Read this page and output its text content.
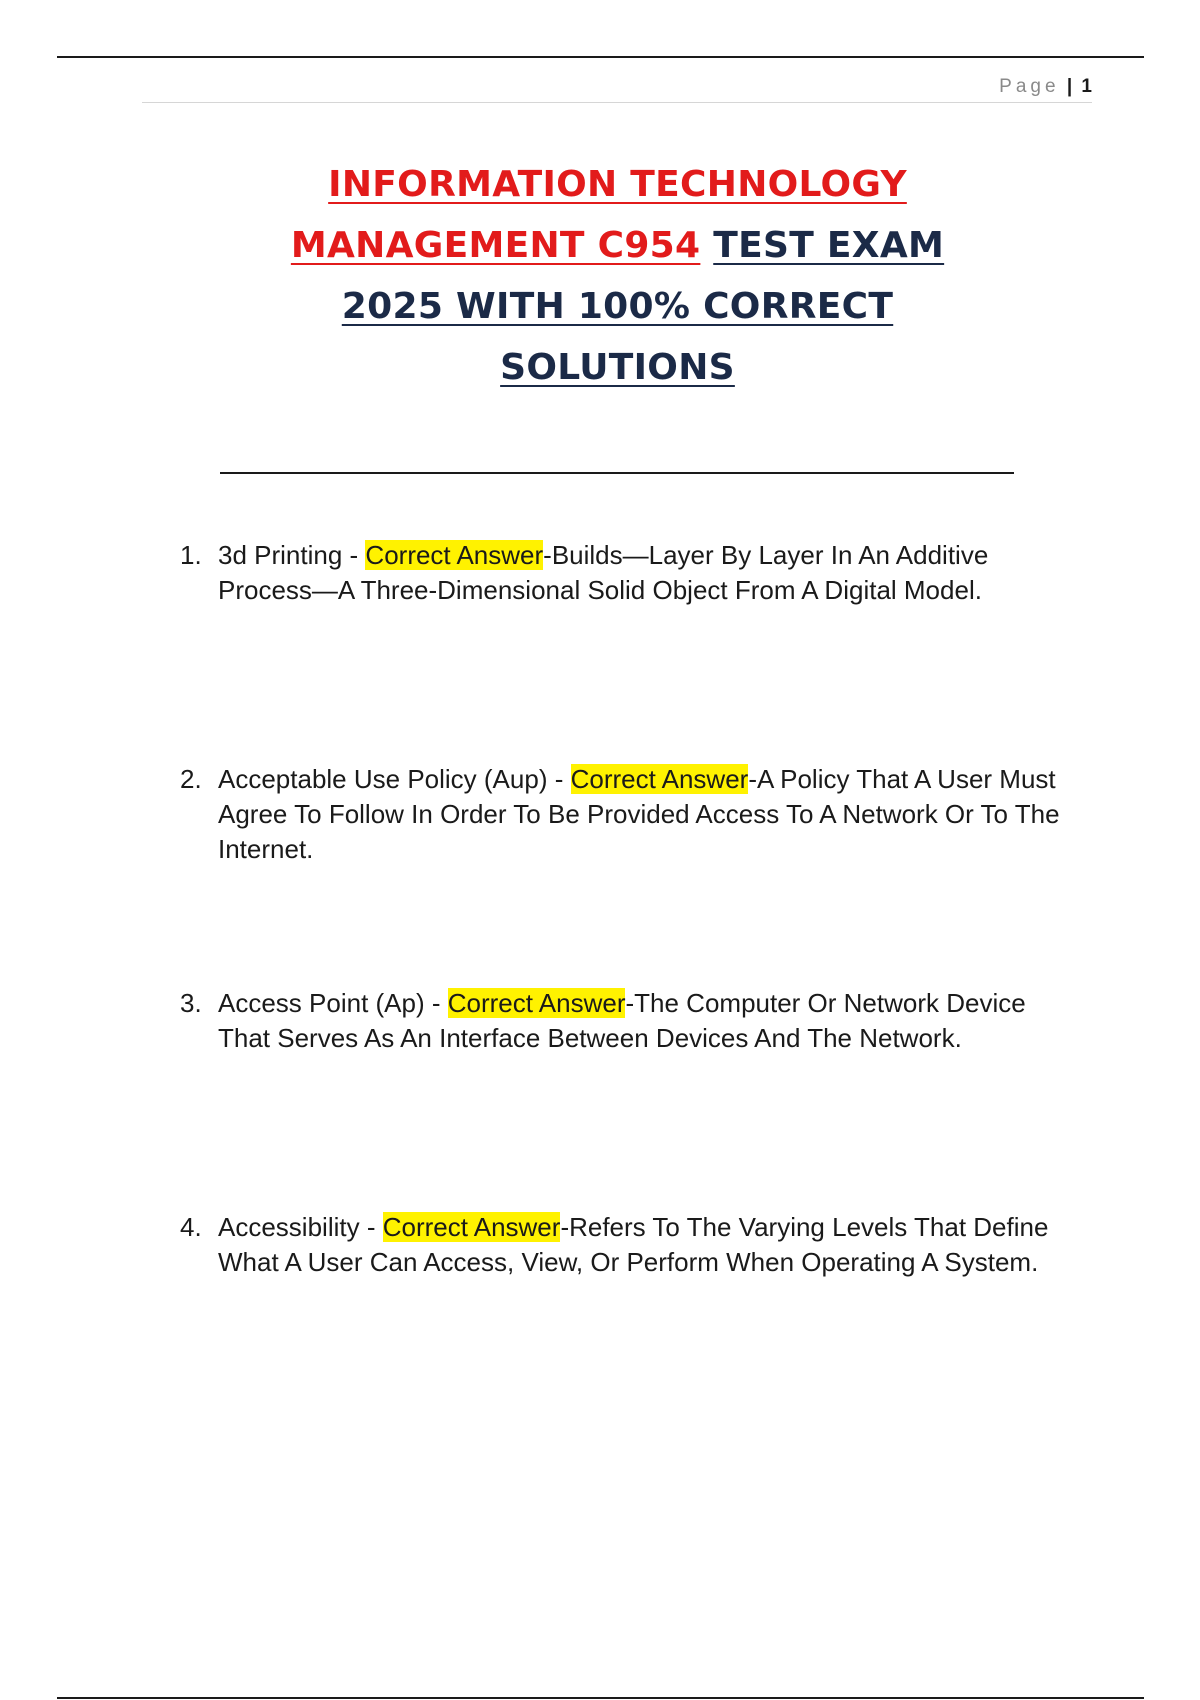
Page | 1
INFORMATION TECHNOLOGY
MANAGEMENT C954 TEST EXAM
2025 WITH 100% CORRECT
SOLUTIONS
1. 3d Printing - Correct Answer-Builds—Layer By Layer In An Additive Process—A Three-Dimensional Solid Object From A Digital Model.
2. Acceptable Use Policy (Aup) - Correct Answer-A Policy That A User Must Agree To Follow In Order To Be Provided Access To A Network Or To The Internet.
3. Access Point (Ap) - Correct Answer-The Computer Or Network Device That Serves As An Interface Between Devices And The Network.
4. Accessibility - Correct Answer-Refers To The Varying Levels That Define What A User Can Access, View, Or Perform When Operating A System.
